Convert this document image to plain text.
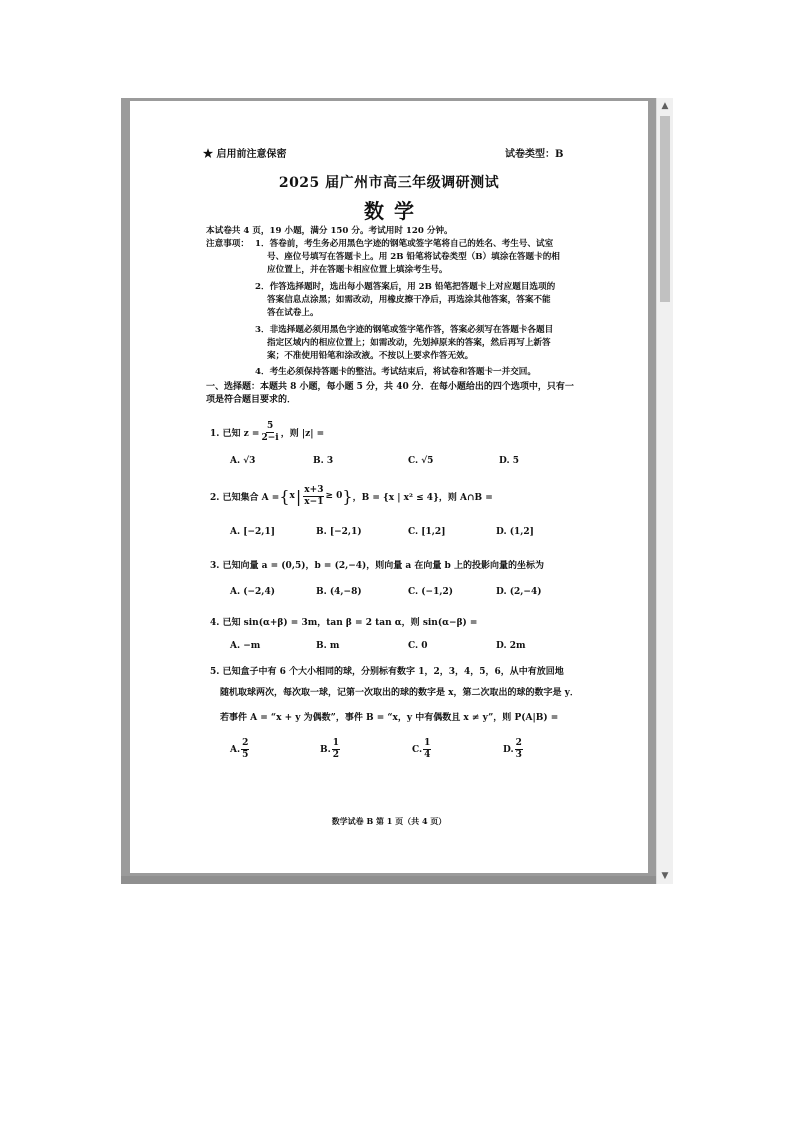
★ 启用前注意保密	试卷类型：B
2025 届广州市高三年级调研测试
数学
本试卷共 4 页，19 小题，满分 150 分。考试用时 120 分钟。
注意事项： 1．答卷前，考生务必用黑色字迹的钢笔或签字笔将自己的姓名、考生号、试室
号、座位号填写在答题卡上。用 2B 铅笔将试卷类型（B）填涂在答题卡的相
应位置上，并在答题卡相应位置上填涂考生号。
2．作答选择题时，选出每小题答案后，用 2B 铅笔把答题卡上对应题目选项的
答案信息点涂黑；如需改动，用橡皮擦干净后，再选涂其他答案，答案不能
答在试卷上。
3．非选择题必须用黑色字迹的钢笔或签字笔作答，答案必须写在答题卡各题目
指定区域内的相应位置上；如需改动，先划掉原来的答案，然后再写上新答
案；不准使用铅笔和涂改液。不按以上要求作答无效。
4．考生必须保持答题卡的整洁。考试结束后，将试卷和答题卡一并交回。
一、选择题：本题共 8 小题，每小题 5 分，共 40 分．在每小题给出的四个选项中，只有一
项是符合题目要求的．
1. 已知 $z = \frac{5}{2-i}$ ，则 |z| =
A. √3	B. 3	C. √5	D. 5
2. 已知集合 A = { x | $\frac{x+3}{x-1} \ge 0$ } ，B = {x | x² ≤ 4}，则 A∩B =
A. [−2,1]	B. [−2,1)	C. [1,2]	D. (1,2]
3. 已知向量 a = (0,5)，b = (2,−4)，则向量 a 在向量 b 上的投影向量的坐标为
A. (−2,4)	B. (4,−8)	C. (−1,2)	D. (2,−4)
4. 已知 sin(α+β) = 3m，tan β = 2 tan α，则 sin(α−β) =
A. −m	B. m	C. 0	D. 2m
5. 已知盒子中有 6 个大小相同的球，分别标有数字 1，2，3，4，5，6，从中有放回地
随机取球两次，每次取一球，记第一次取出的球的数字是 x，第二次取出的球的数字是 y．
若事件 A = “x + y 为偶数”，事件 B = “x，y 中有偶数且 x ≠ y”，则 P(A|B) =
A. $\frac{2}{5}$	B. $\frac{1}{2}$	C. $\frac{1}{4}$	D. $\frac{2}{3}$
数学试卷 B 第 1 页（共 4 页）
▲
▼
